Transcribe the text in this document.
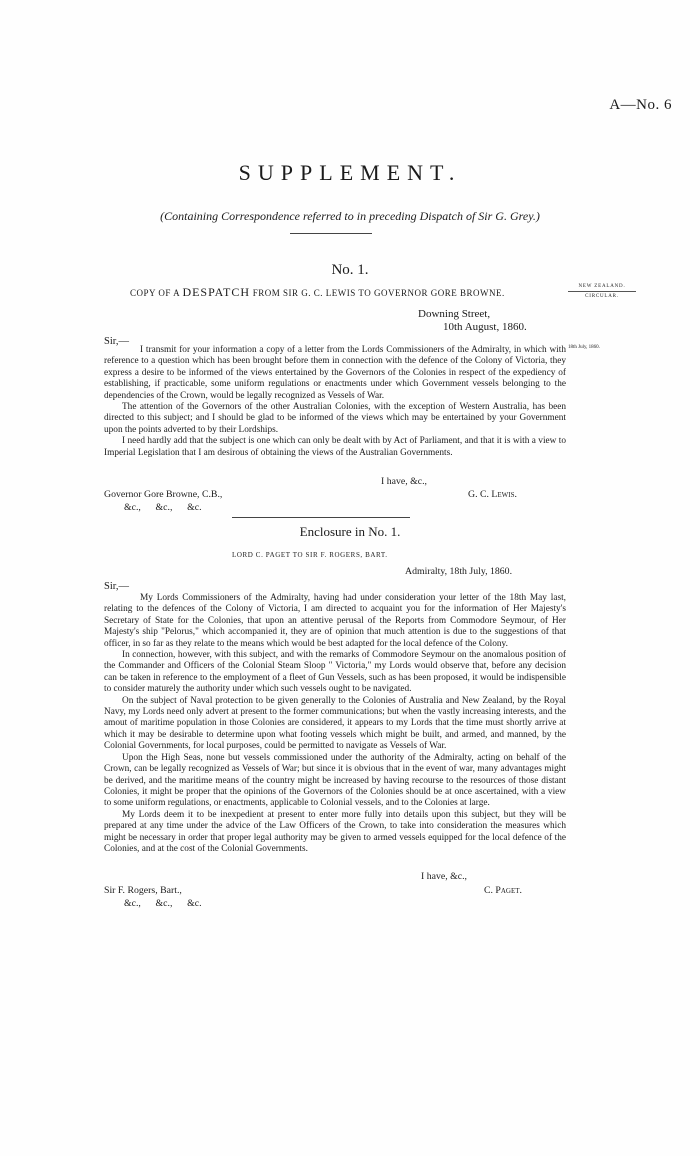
A—No. 6
SUPPLEMENT.
(Containing Correspondence referred to in preceding Dispatch of Sir G. Grey.)
No. 1.
COPY OF A DESPATCH FROM SIR G. C. LEWIS TO GOVERNOR GORE BROWNE.
NEW ZEALAND.
CIRCULAR.
Downing Street,
10th August, 1860.
Sir,—
18th July, 1860.

I transmit for your information a copy of a letter from the Lords Commissioners of the Admiralty, in which with reference to a question which has been brought before them in connection with the defence of the Colony of Victoria, they express a desire to be informed of the views entertained by the Governors of the Colonies in respect of the expediency of establishing, if practicable, some uniform regulations or enactments under which Government vessels belonging to the dependencies of the Crown, would be legally recognized as Vessels of War.

The attention of the Governors of the other Australian Colonies, with the exception of Western Australia, has been directed to this subject; and I should be glad to be informed of the views which may be entertained by your Government upon the points adverted to by their Lordships.

I need hardly add that the subject is one which can only be dealt with by Act of Parliament, and that it is with a view to Imperial Legislation that I am desirous of obtaining the views of the Australian Governments.

I have, &c.,
Governor Gore Browne, C.B.,	G. C. Lewis.
&c.,      &c.,      &c.
Enclosure in No. 1.
LORD C. PAGET TO SIR F. ROGERS, BART.
Admiralty, 18th July, 1860.
Sir,—

My Lords Commissioners of the Admiralty, having had under consideration your letter of the 18th May last, relating to the defences of the Colony of Victoria, I am directed to acquaint you for the information of Her Majesty's Secretary of State for the Colonies, that upon an attentive perusal of the Reports from Commodore Seymour, of Her Majesty's ship "Pelorus," which accompanied it, they are of opinion that much attention is due to the suggestions of that officer, in so far as they relate to the means which would be best adapted for the local defence of the Colony.

In connection, however, with this subject, and with the remarks of Commodore Seymour on the anomalous position of the Commander and Officers of the Colonial Steam Sloop " Victoria," my Lords would observe that, before any decision can be taken in reference to the employment of a fleet of Gun Vessels, such as has been proposed, it would be indispensible to consider maturely the authority under which such vessels ought to be navigated.

On the subject of Naval protection to be given generally to the Colonies of Australia and New Zealand, by the Royal Navy, my Lords need only advert at present to the former communications; but when the vastly increasing interests, and the amout of maritime population in those Colonies are considered, it appears to my Lords that the time must shortly arrive at which it may be desirable to determine upon what footing vessels which might be built, and armed, and manned, by the Colonial Governments, for local purposes, could be permitted to navigate as Vessels of War.

Upon the High Seas, none but vessels commissioned under the authority of the Admiralty, acting on behalf of the Crown, can be legally recognized as Vessels of War; but since it is obvious that in the event of war, many advantages might be derived, and the maritime means of the country might be increased by having recourse to the resources of those distant Colonies, it might be proper that the opinions of the Governors of the Colonies should be at once ascertained, with a view to some uniform regulations, or enactments, applicable to Colonial vessels, and to the Colonies at large.

My Lords deem it to be inexpedient at present to enter more fully into details upon this subject, but they will be prepared at any time under the advice of the Law Officers of the Crown, to take into consideration the measures which might be necessary in order that proper legal authority may be given to armed vessels equipped for the local defence of the Colonies, and at the cost of the Colonial Governments.

I have, &c.,
Sir F. Rogers, Bart.,	C. Paget.
&c.,      &c.,      &c.
